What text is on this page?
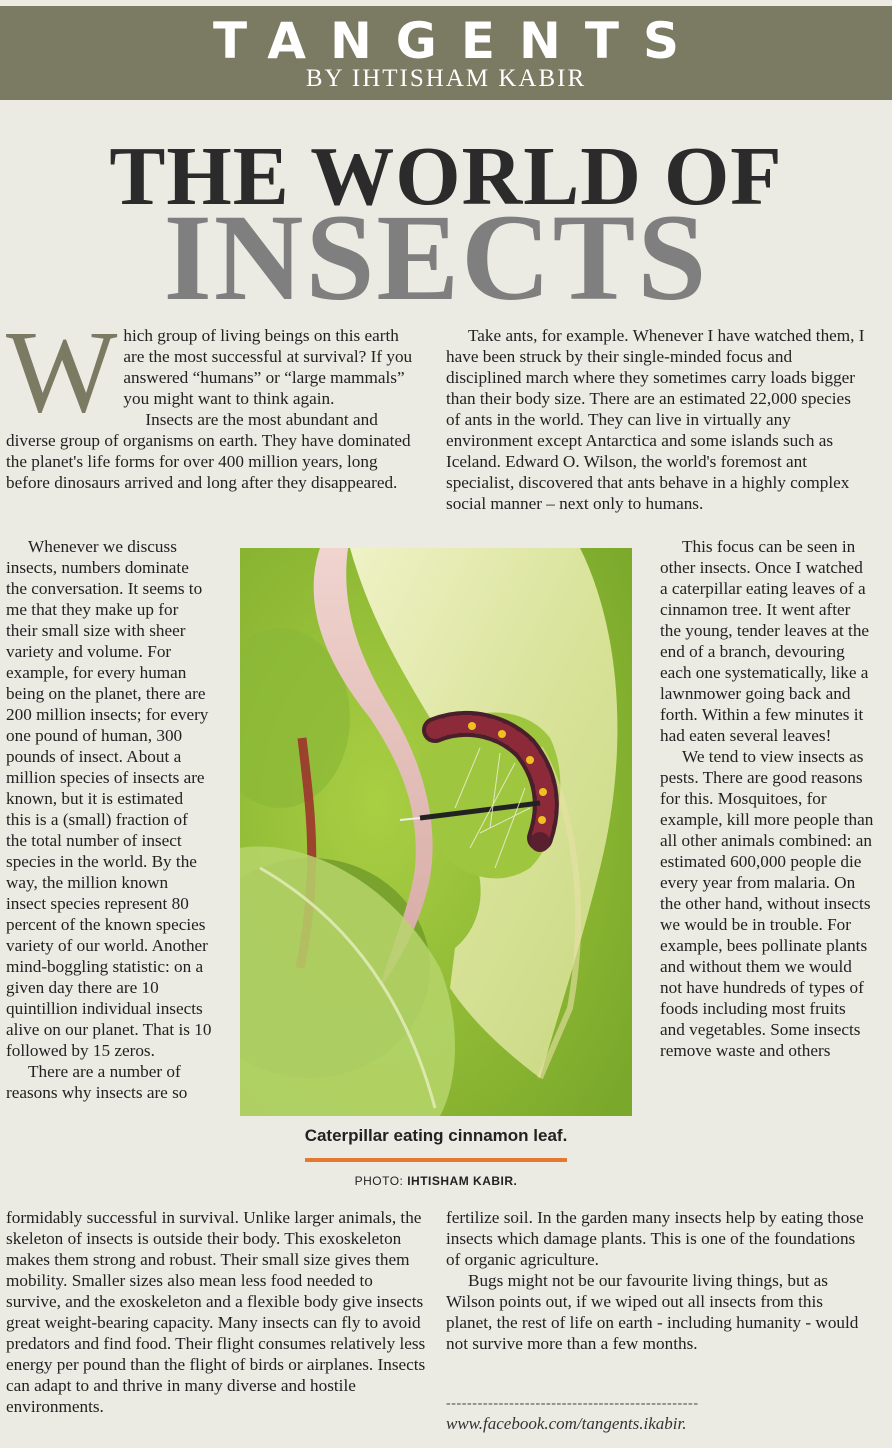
TANGENTS
BY IHTISHAM KABIR
THE WORLD OF
INSECTS

Which group of living beings on this earth are the most successful at survival? If you answered “humans” or “large mammals” you might want to think again.

Insects are the most abundant and diverse group of organisms on earth. They have dominated the planet's life forms for over 400 million years, long before dinosaurs arrived and long after they disappeared.

Whenever we discuss insects, numbers dominate the conversation. It seems to me that they make up for their small size with sheer variety and volume. For example, for every human being on the planet, there are 200 million insects; for every one pound of human, 300 pounds of insect. About a million species of insects are known, but it is estimated this is a (small) fraction of the total number of insect species in the world. By the way, the million known insect species represent 80 percent of the known species variety of our world. Another mind-boggling statistic: on a given day there are 10 quintillion individual insects alive on our planet. That is 10 followed by 15 zeros.

There are a number of reasons why insects are so

formidably successful in survival. Unlike larger animals, the skeleton of insects is outside their body. This exoskeleton makes them strong and robust. Their small size gives them mobility. Smaller sizes also mean less food needed to survive, and the exoskeleton and a flexible body give insects great weight-bearing capacity. Many insects can fly to avoid predators and find food. Their flight consumes relatively less energy per pound than the flight of birds or airplanes. Insects can adapt to and thrive in many diverse and hostile environments.

Take ants, for example. Whenever I have watched them, I have been struck by their single-minded focus and disciplined march where they sometimes carry loads bigger than their body size. There are an estimated 22,000 species of ants in the world. They can live in virtually any environment except Antarctica and some islands such as Iceland. Edward O. Wilson, the world's foremost ant specialist, discovered that ants behave in a highly complex social manner – next only to humans.

This focus can be seen in other insects. Once I watched a caterpillar eating leaves of a cinnamon tree. It went after the young, tender leaves at the end of a branch, devouring each one systematically, like a lawnmower going back and forth. Within a few minutes it had eaten several leaves!

We tend to view insects as pests. There are good reasons for this. Mosquitoes, for example, kill more people than all other animals combined: an estimated 600,000 people die every year from malaria. On the other hand, without insects we would be in trouble. For example, bees pollinate plants and without them we would not have hundreds of types of foods including most fruits and vegetables. Some insects remove waste and others

fertilize soil. In the garden many insects help by eating those insects which damage plants. This is one of the foundations of organic agriculture.

Bugs might not be our favourite living things, but as Wilson points out, if we wiped out all insects from this planet, the rest of life on earth - including humanity - would not survive more than a few months.

Caterpillar eating cinnamon leaf.
PHOTO: IHTISHAM KABIR.
------------------------------------------------
www.facebook.com/tangents.ikabir.
